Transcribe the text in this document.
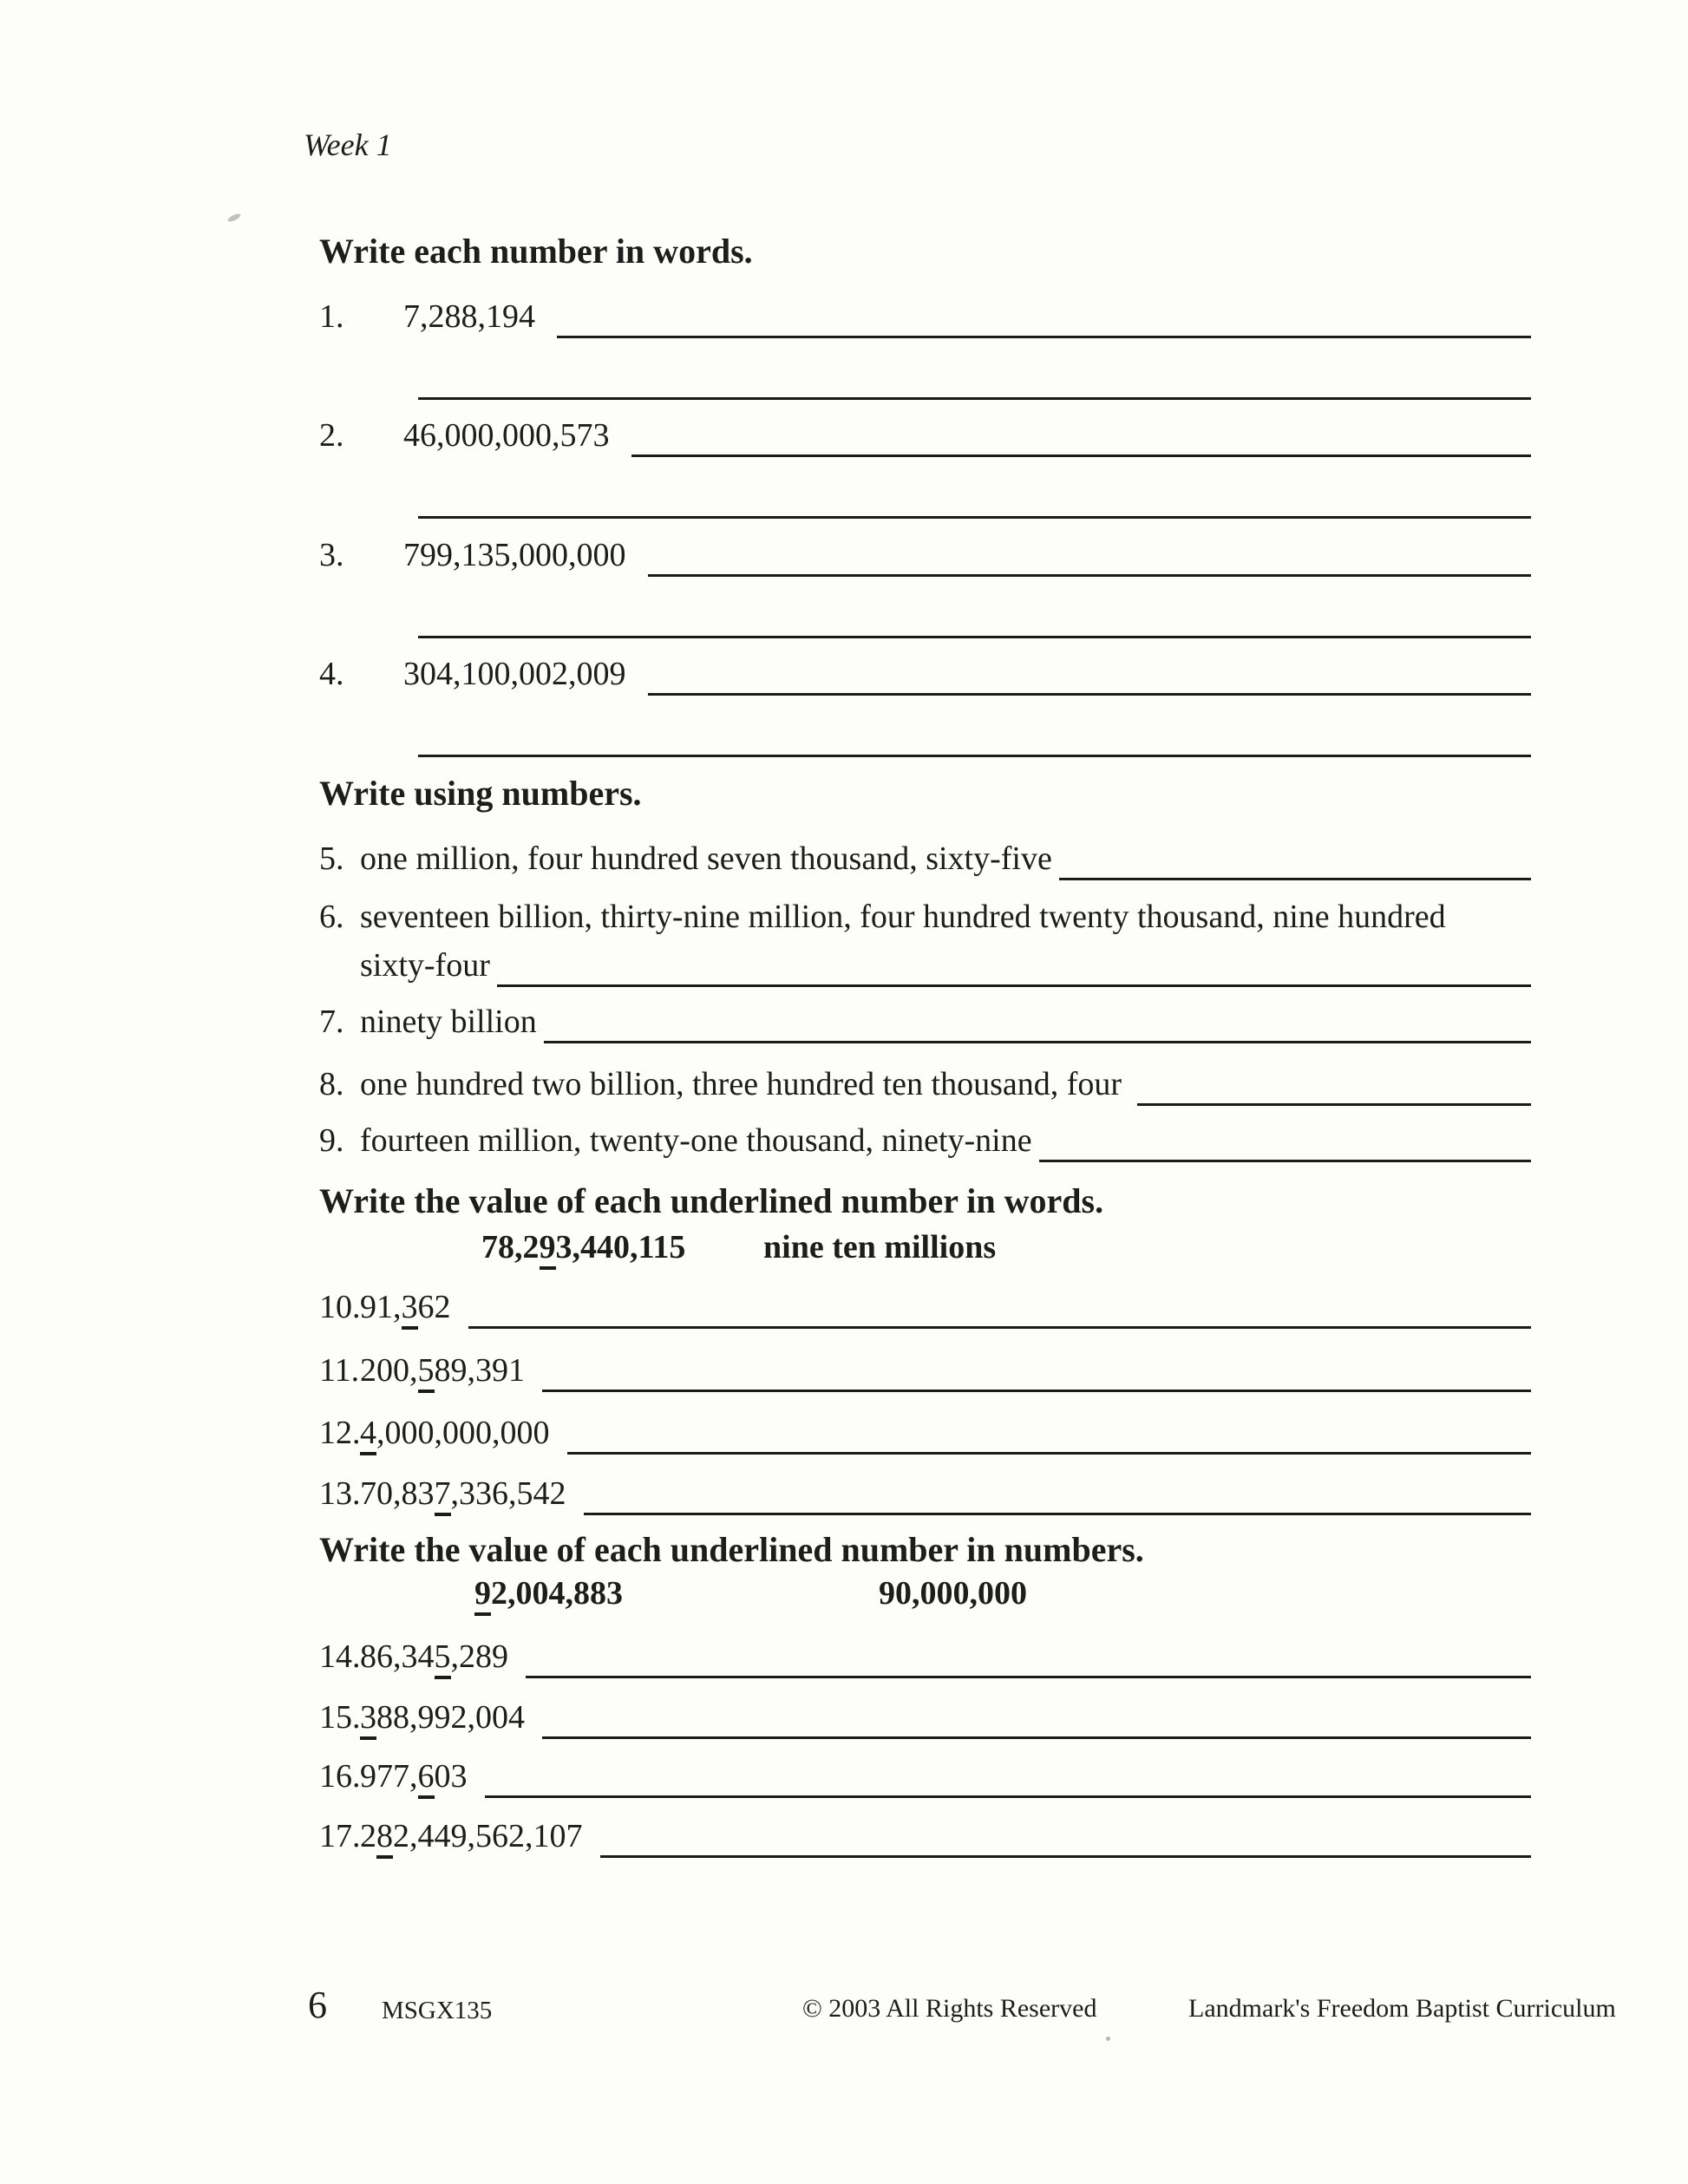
Week 1
Write each number in words.
1.	7,288,194
2.	46,000,000,573
3.	799,135,000,000
4.	304,100,002,009
Write using numbers.
5. one million, four hundred seven thousand, sixty-five
6. seventeen billion, thirty-nine million, four hundred twenty thousand, nine hundred
sixty-four
7. ninety billion
8. one hundred two billion, three hundred ten thousand, four
9. fourteen million, twenty-one thousand, ninety-nine
Write the value of each underlined number in words.
78,293,440,115 nine ten millions
10. 91,362
11. 200,589,391
12. 4,000,000,000
13. 70,837,336,542
Write the value of each underlined number in numbers.
92,004,883	90,000,000
14. 86,345,289
15. 388,992,004
16. 977,603
17. 282,449,562,107
6 MSGX135	© 2003 All Rights Reserved	Landmark's Freedom Baptist Curriculum
